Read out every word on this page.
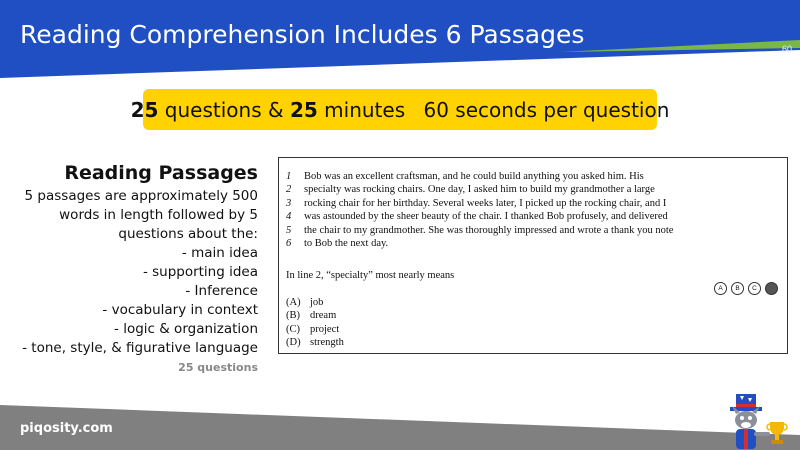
Reading Comprehension Includes 6 Passages	60
25 questions & 25 minutes 60 seconds per question
Reading Passages
5 passages are approximately 500
words in length followed by 5
questions about the:
- main idea
- supporting idea
- Inference
- vocabulary in context
- logic & organization
- tone, style, & figurative language
25 questions
1 Bob was an excellent craftsman, and he could build anything you asked him. His
2 specialty was rocking chairs. One day, I asked him to build my grandmother a large
3 rocking chair for her birthday. Several weeks later, I picked up the rocking chair, and I
4 was astounded by the sheer beauty of the chair. I thanked Bob profusely, and delivered
5 the chair to my grandmother. She was thoroughly impressed and wrote a thank you note
6 to Bob the next day.
In line 2, “specialty” most nearly means
A	B	C	D
(A) job
(B) dream
(C) project
(D) strength
piqosity.com
